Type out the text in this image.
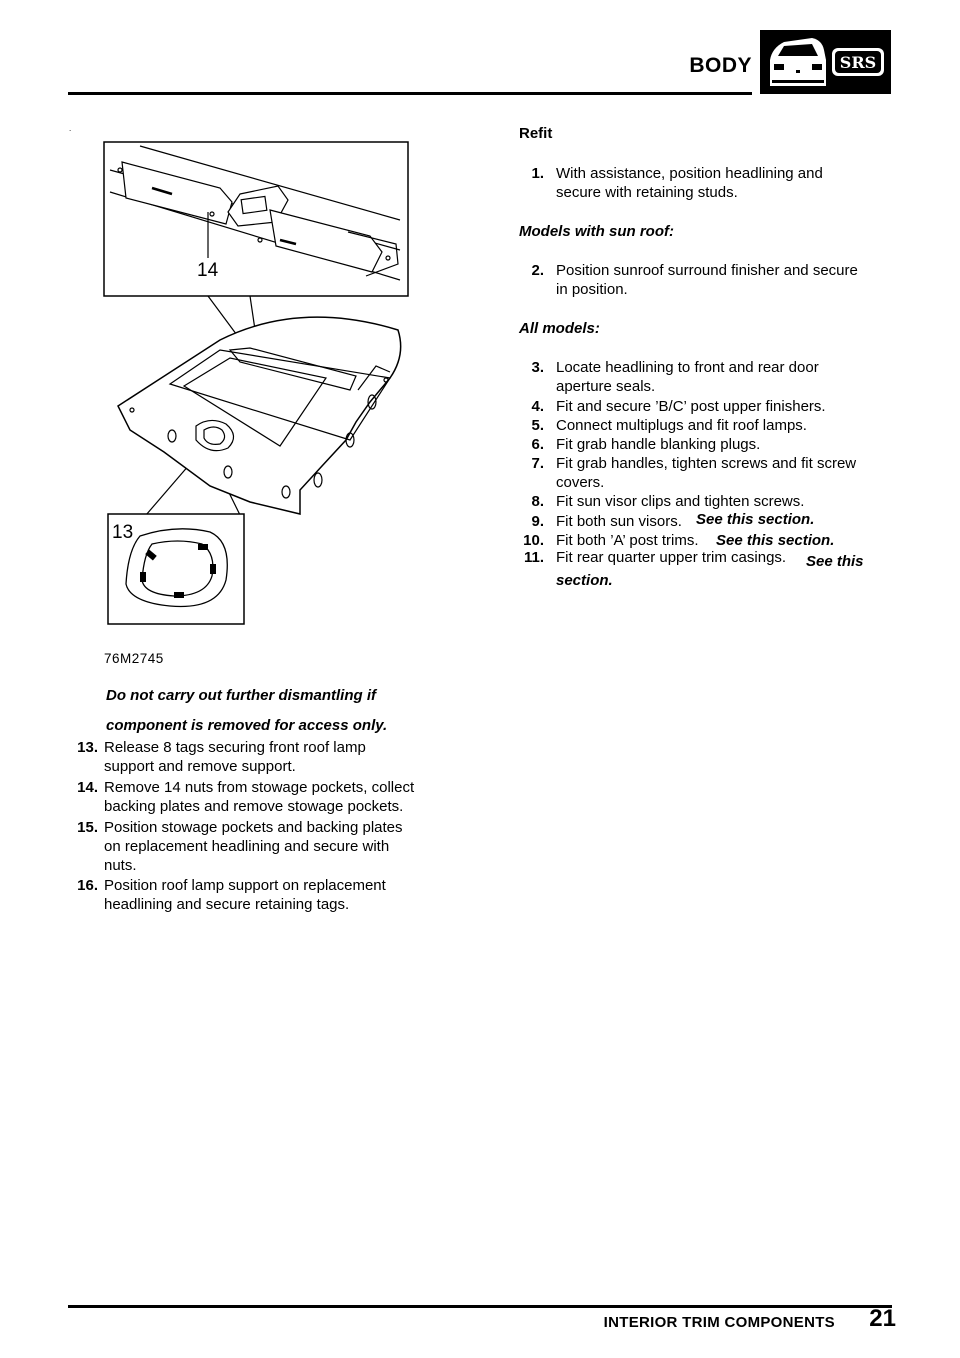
BODY	SRS
.
14
13
76M2745
Do not carry out further dismantling if
component is removed for access only.
13. Release 8 tags securing front roof lamp
support and remove support.
14. Remove 14 nuts from stowage pockets, collect
backing plates and remove stowage pockets.
15. Position stowage pockets and backing plates
on replacement headlining and secure with
nuts.
16. Position roof lamp support on replacement
headlining and secure retaining tags.
Refit
1. With assistance, position headlining and
secure with retaining studs.
Models with sun roof:
2. Position sunroof surround finisher and secure
in position.
All models:
3. Locate headlining to front and rear door
aperture seals.
4. Fit and secure ’B/C’ post upper finishers.
5. Connect multiplugs and fit roof lamps.
6. Fit grab handle blanking plugs.
7. Fit grab handles, tighten screws and fit screw
covers.
8. Fit sun visor clips and tighten screws.
9. Fit both sun visors. See this section.
10. Fit both ’A’ post trims.	See this section.
11. Fit rear quarter upper trim casings. See this
section.
INTERIOR TRIM COMPONENTS	21
